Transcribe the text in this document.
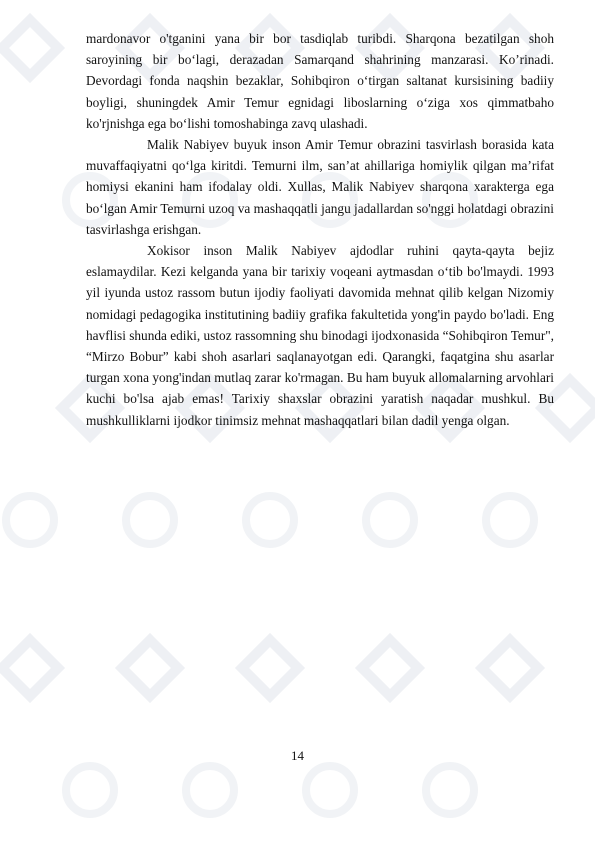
mardonavor o'tganini yana bir bor tasdiqlab turibdi. Sharqona bezatilgan shoh saroyining bir bo‘lagi, derazadan Samarqand shahrining manzarasi. Ko’rinadi. Devordagi fonda naqshin bezaklar, Sohibqiron o‘tirgan saltanat kursisining badiiy boyligi, shuningdek Amir Temur egnidagi liboslarning o‘ziga xos qimmatbaho ko'rjnishga ega bo‘lishi tomoshabinga zavq ulashadi.

Malik Nabiyev buyuk inson Amir Temur obrazini tasvirlash borasida kata muvaffaqiyatni qo‘lga kiritdi. Temurni ilm, san’at ahillariga homiylik qilgan ma’rifat homiysi ekanini ham ifodalay oldi. Xullas, Malik Nabiyev sharqona xarakterga ega bo‘lgan Amir Temurni uzoq va mashaqqatli jangu jadallardan so'nggi holatdagi obrazini tasvirlashga erishgan.

Xokisor inson Malik Nabiyev ajdodlar ruhini qayta-qayta bejiz eslamaydilar. Kezi kelganda yana bir tarixiy voqeani aytmasdan o‘tib bo'lmaydi. 1993 yil iyunda ustoz rassom butun ijodiy faoliyati davomida mehnat qilib kelgan Nizomiy nomidagi pedagogika institutining badiiy grafika fakultetida yong'in paydo bo'ladi. Eng havflisi shunda ediki, ustoz rassomning shu binodagi ijodxonasida “Sohibqiron Temur", “Mirzo Bobur” kabi shoh asarlari saqlanayotgan edi. Qarangki, faqatgina shu asarlar turgan xona yong'indan mutlaq zarar ko'rmagan. Bu ham buyuk allomalarning arvohlari kuchi bo'lsa ajab emas! Tarixiy shaxslar obrazini yaratish naqadar mushkul. Bu mushkulliklarni ijodkor tinimsiz mehnat mashaqqatlari bilan dadil yenga olgan.

14
